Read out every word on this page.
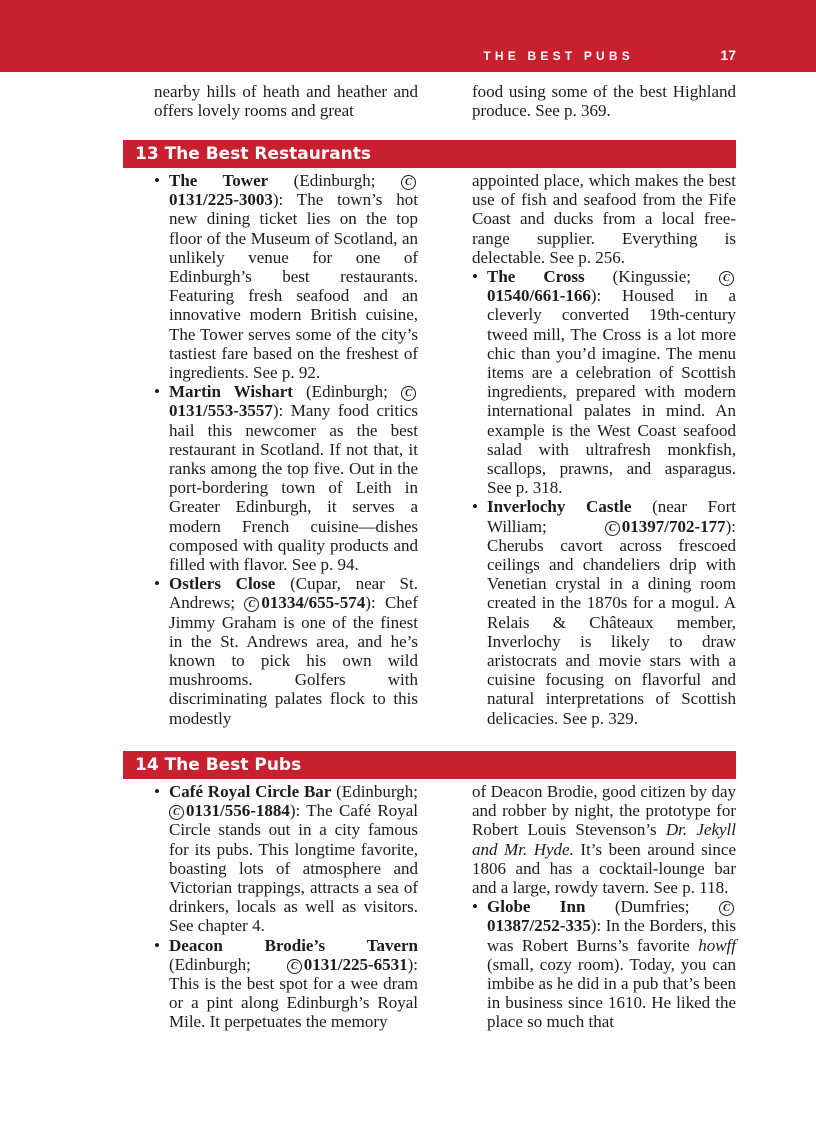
THE BEST PUBS	17

nearby hills of heath and heather and offers lovely rooms and great

food using some of the best Highland produce. See p. 369.

13 The Best Restaurants

• The Tower (Edinburgh; C0131/225-3003): The town’s hot new dining ticket lies on the top floor of the Museum of Scotland, an unlikely venue for one of Edinburgh’s best restaurants. Featuring fresh seafood and an innovative modern British cuisine, The Tower serves some of the city’s tastiest fare based on the freshest of ingredients. See p. 92.

• Martin Wishart (Edinburgh; C0131/553-3557): Many food critics hail this newcomer as the best restaurant in Scotland. If not that, it ranks among the top five. Out in the port-bordering town of Leith in Greater Edinburgh, it serves a modern French cuisine—dishes composed with quality products and filled with flavor. See p. 94.

• Ostlers Close (Cupar, near St. Andrews; C 01334/655-574): Chef Jimmy Graham is one of the finest in the St. Andrews area, and he’s known to pick his own wild mushrooms. Golfers with discriminating palates flock to this modestly

appointed place, which makes the best use of fish and seafood from the Fife Coast and ducks from a local free-range supplier. Everything is delectable. See p. 256.

• The Cross (Kingussie; C01540/661-166): Housed in a cleverly converted 19th-century tweed mill, The Cross is a lot more chic than you’d imagine. The menu items are a celebration of Scottish ingredients, prepared with modern international palates in mind. An example is the West Coast seafood salad with ultrafresh monkfish, scallops, prawns, and asparagus. See p. 318.

• Inverlochy Castle (near Fort William; C 01397/702-177): Cherubs cavort across frescoed ceilings and chandeliers drip with Venetian crystal in a dining room created in the 1870s for a mogul. A Relais & Châteaux member, Inverlochy is likely to draw aristocrats and movie stars with a cuisine focusing on flavorful and natural interpretations of Scottish delicacies. See p. 329.

14 The Best Pubs

• Café Royal Circle Bar (Edinburgh; C 0131/556-1884): The Café Royal Circle stands out in a city famous for its pubs. This longtime favorite, boasting lots of atmosphere and Victorian trappings, attracts a sea of drinkers, locals as well as visitors. See chapter 4.

• Deacon Brodie’s Tavern (Edinburgh; C 0131/225-6531): This is the best spot for a wee dram or a pint along Edinburgh’s Royal Mile. It perpetuates the memory

of Deacon Brodie, good citizen by day and robber by night, the prototype for Robert Louis Stevenson’s Dr. Jekyll and Mr. Hyde. It’s been around since 1806 and has a cocktail-lounge bar and a large, rowdy tavern. See p. 118.

• Globe Inn (Dumfries; C01387/252-335): In the Borders, this was Robert Burns’s favorite howff (small, cozy room). Today, you can imbibe as he did in a pub that’s been in business since 1610. He liked the place so much that
